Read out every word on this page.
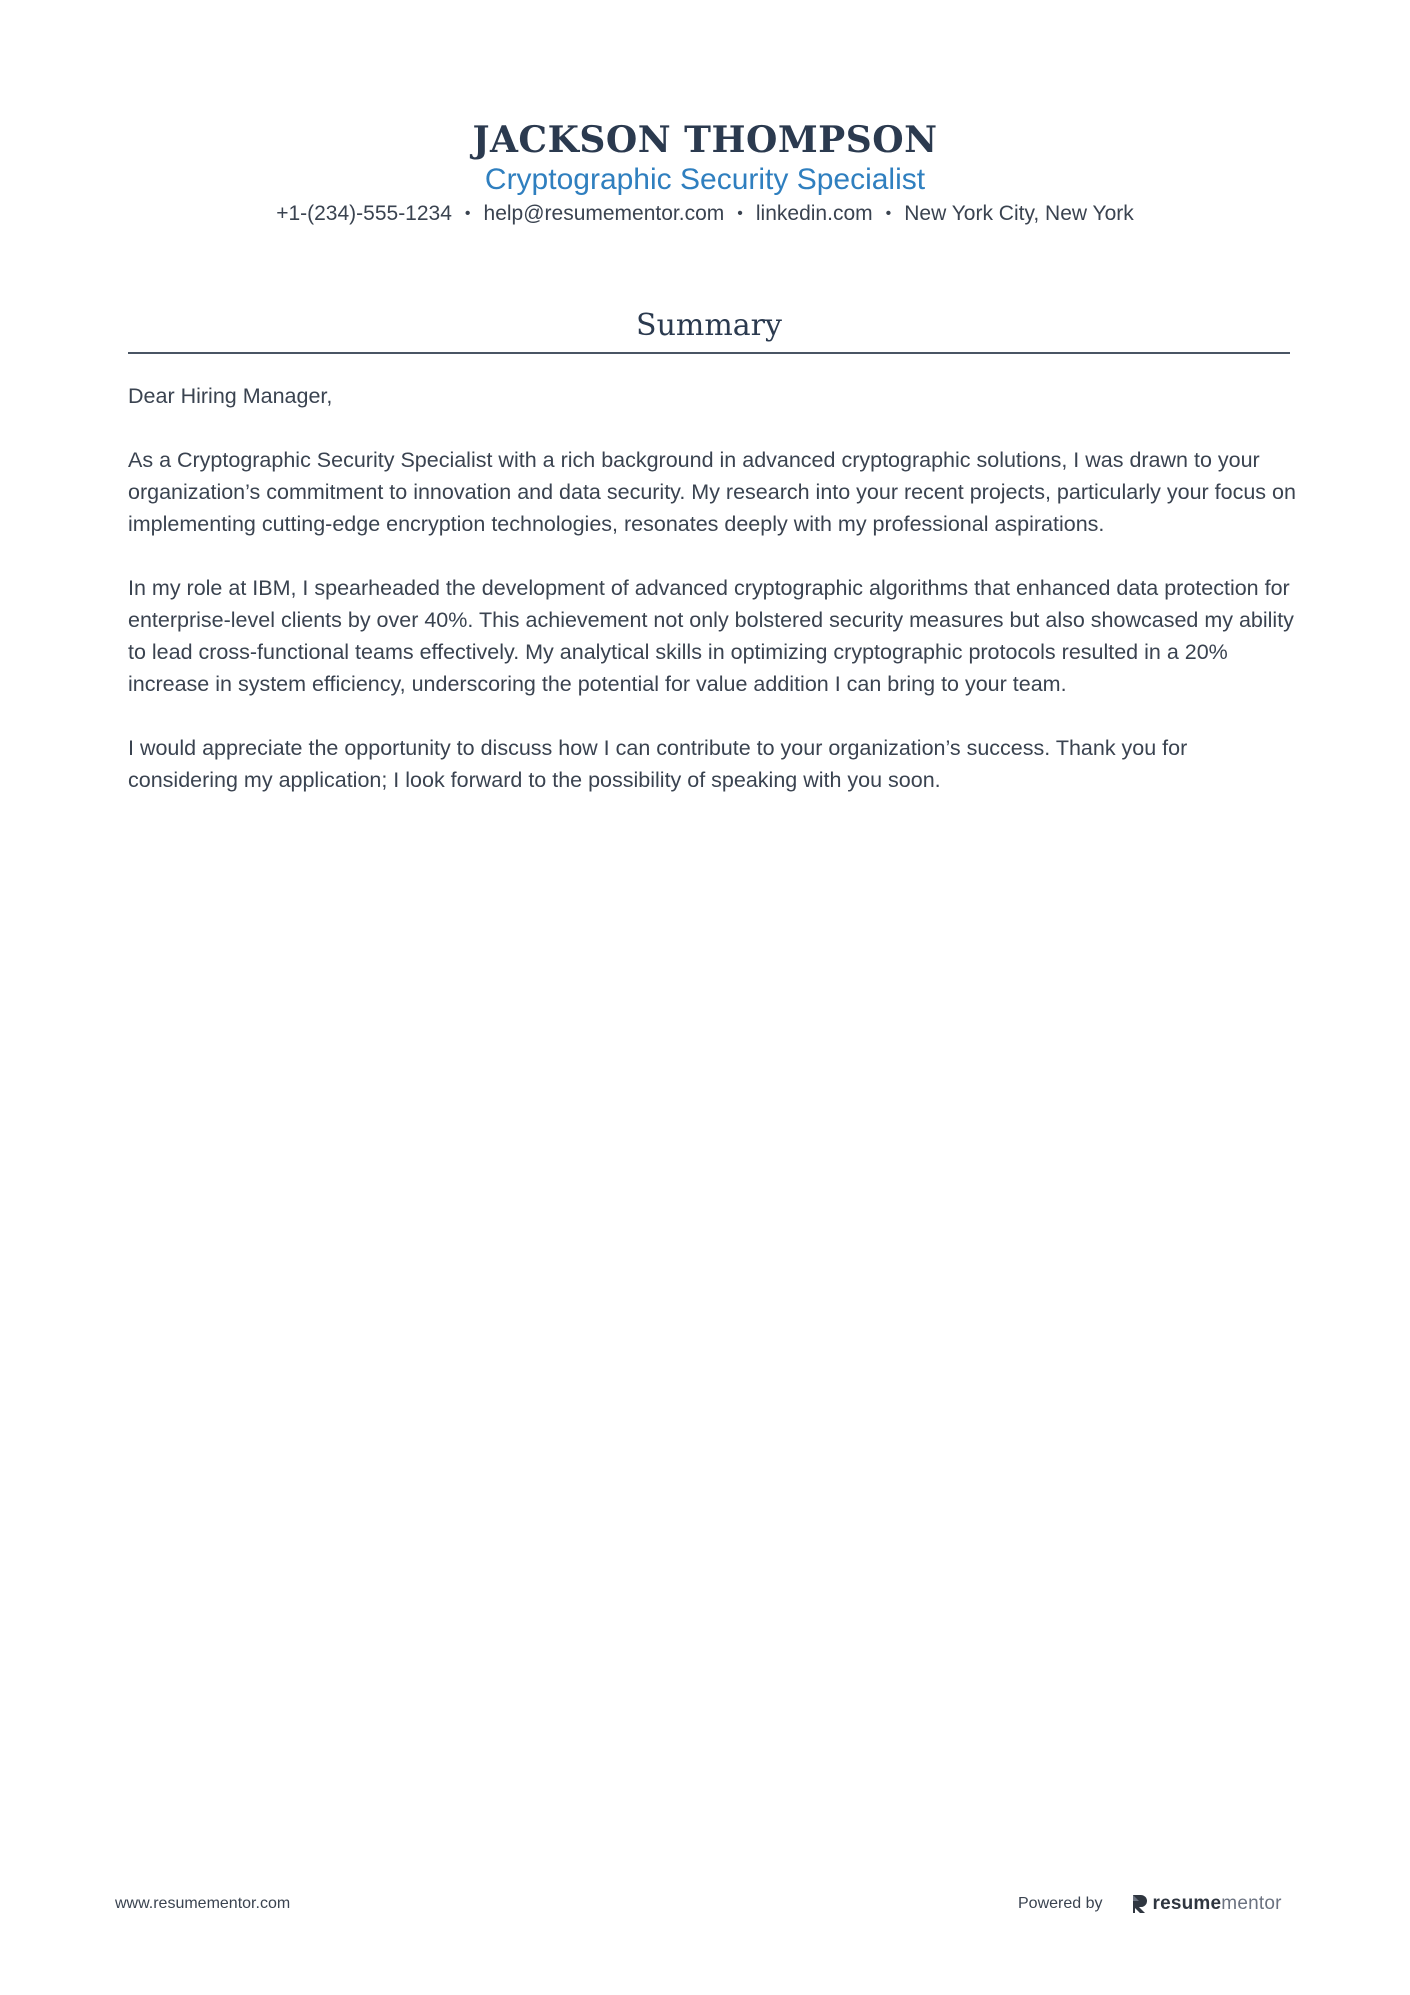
JACKSON THOMPSON
Cryptographic Security Specialist
+1-(234)-555-1234 • help@resumementor.com • linkedin.com • New York City, New York
Summary

Dear Hiring Manager,

As a Cryptographic Security Specialist with a rich background in advanced cryptographic solutions, I was drawn to your organization’s commitment to innovation and data security. My research into your recent projects, particularly your focus on implementing cutting-edge encryption technologies, resonates deeply with my professional aspirations.

In my role at IBM, I spearheaded the development of advanced cryptographic algorithms that enhanced data protection for enterprise-level clients by over 40%. This achievement not only bolstered security measures but also showcased my ability to lead cross-functional teams effectively. My analytical skills in optimizing cryptographic protocols resulted in a 20% increase in system efficiency, underscoring the potential for value addition I can bring to your team.

I would appreciate the opportunity to discuss how I can contribute to your organization’s success. Thank you for considering my application; I look forward to the possibility of speaking with you soon.

www.resumementor.com	Powered by	resumementor
